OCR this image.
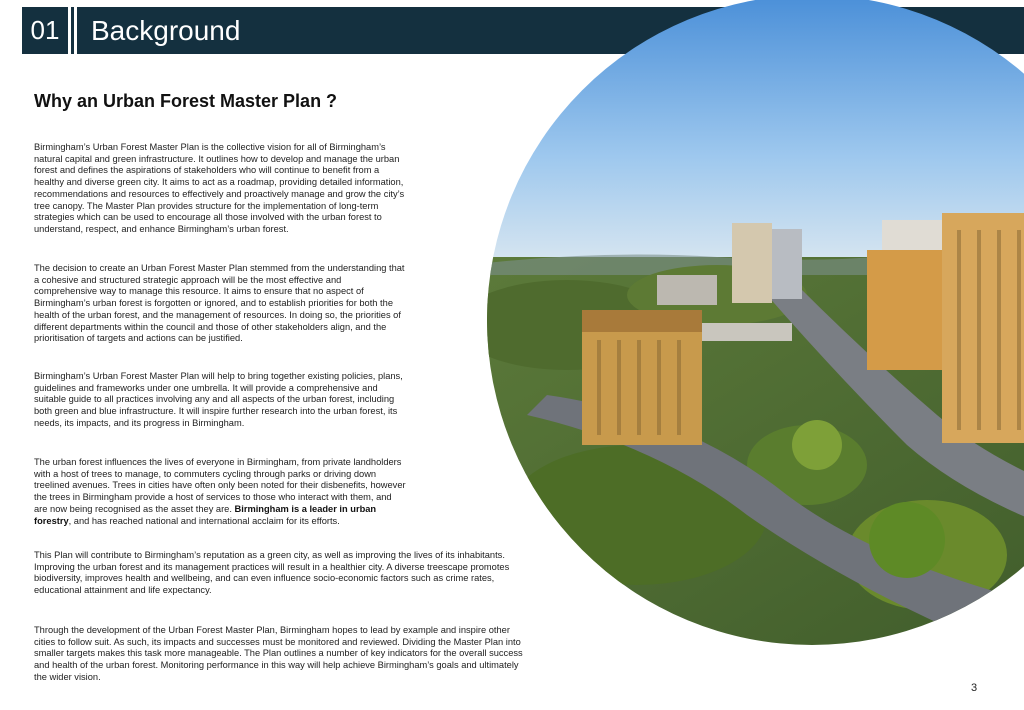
01	Background
Why an Urban Forest Master Plan ?
Birmingham’s Urban Forest Master Plan is the collective vision for all of Birmingham’s
natural capital and green infrastructure. It outlines how to develop and manage the urban
forest and defines the aspirations of stakeholders who will continue to benefit from a
healthy and diverse green city. It aims to act as a roadmap, providing detailed information,
recommendations and resources to effectively and proactively manage and grow the city’s
tree canopy. The Master Plan provides structure for the implementation of long-term
strategies which can be used to encourage all those involved with the urban forest to
understand, respect, and enhance Birmingham’s urban forest.
The decision to create an Urban Forest Master Plan stemmed from the understanding that
a cohesive and structured strategic approach will be the most effective and
comprehensive way to manage this resource. It aims to ensure that no aspect of
Birmingham’s urban forest is forgotten or ignored, and to establish priorities for both the
health of the urban forest, and the management of resources. In doing so, the priorities of
different departments within the council and those of other stakeholders align, and the
prioritisation of targets and actions can be justified.
Birmingham’s Urban Forest Master Plan will help to bring together existing policies, plans,
guidelines and frameworks under one umbrella. It will provide a comprehensive and
suitable guide to all practices involving any and all aspects of the urban forest, including
both green and blue infrastructure. It will inspire further research into the urban forest, its
needs, its impacts, and its progress in Birmingham.
The urban forest influences the lives of everyone in Birmingham, from private landholders
with a host of trees to manage, to commuters cycling through parks or driving down
treelined avenues. Trees in cities have often only been noted for their disbenefits, however
the trees in Birmingham provide a host of services to those who interact with them, and
are now being recognised as the asset they are. Birmingham is a leader in urban
forestry, and has reached national and international acclaim for its efforts.
This Plan will contribute to Birmingham’s reputation as a green city, as well as improving the lives of its inhabitants.
Improving the urban forest and its management practices will result in a healthier city. A diverse treescape promotes
biodiversity, improves health and wellbeing, and can even influence socio-economic factors such as crime rates,
educational attainment and life expectancy.
Through the development of the Urban Forest Master Plan, Birmingham hopes to lead by example and inspire other
cities to follow suit. As such, its impacts and successes must be monitored and reviewed. Dividing the Master Plan into
smaller targets makes this task more manageable. The Plan outlines a number of key indicators for the overall success
and health of the urban forest. Monitoring performance in this way will help achieve Birmingham’s goals and ultimately
the wider vision.
3
